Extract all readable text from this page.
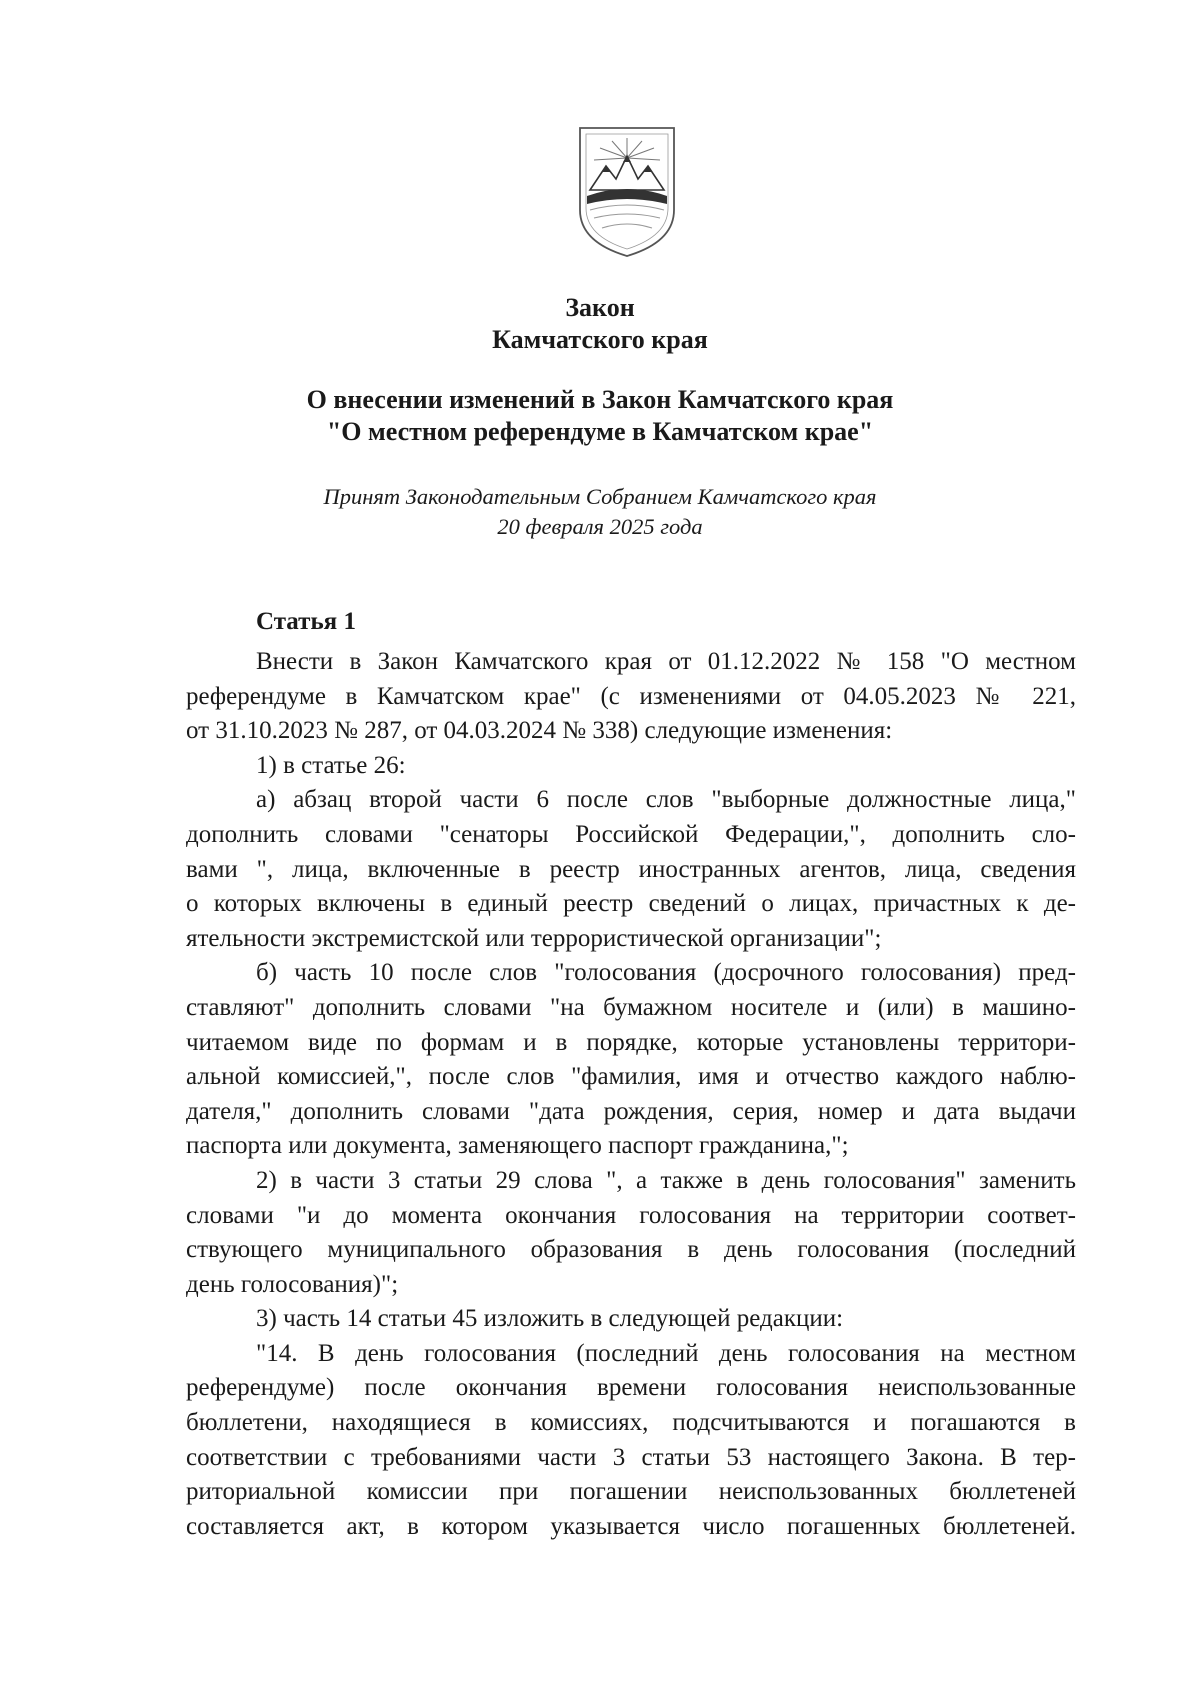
Закон
Камчатского края
О внесении изменений в Закон Камчатского края
"О местном референдуме в Камчатском крае"
Принят Законодательным Собранием Камчатского края
20 февраля 2025 года
Статья 1
Внести в Закон Камчатского края от 01.12.2022 № 158 "О местном
референдуме в Камчатском крае" (с изменениями от 04.05.2023 № 221,
от 31.10.2023 № 287, от 04.03.2024 № 338) следующие изменения:
1) в статье 26:
а) абзац второй части 6 после слов "выборные должностные лица,"
дополнить словами "сенаторы Российской Федерации,", дополнить сло-
вами ", лица, включенные в реестр иностранных агентов, лица, сведения
о которых включены в единый реестр сведений о лицах, причастных к де-
ятельности экстремистской или террористической организации";
б) часть 10 после слов "голосования (досрочного голосования) пред-
ставляют" дополнить словами "на бумажном носителе и (или) в машино-
читаемом виде по формам и в порядке, которые установлены территори-
альной комиссией,", после слов "фамилия, имя и отчество каждого наблю-
дателя," дополнить словами "дата рождения, серия, номер и дата выдачи
паспорта или документа, заменяющего паспорт гражданина,";
2) в части 3 статьи 29 слова ", а также в день голосования" заменить
словами "и до момента окончания голосования на территории соответ-
ствующего муниципального образования в день голосования (последний
день голосования)";
3) часть 14 статьи 45 изложить в следующей редакции:
"14. В день голосования (последний день голосования на местном
референдуме) после окончания времени голосования неиспользованные
бюллетени, находящиеся в комиссиях, подсчитываются и погашаются в
соответствии с требованиями части 3 статьи 53 настоящего Закона. В тер-
риториальной комиссии при погашении неиспользованных бюллетеней
составляется акт, в котором указывается число погашенных бюллетеней.
